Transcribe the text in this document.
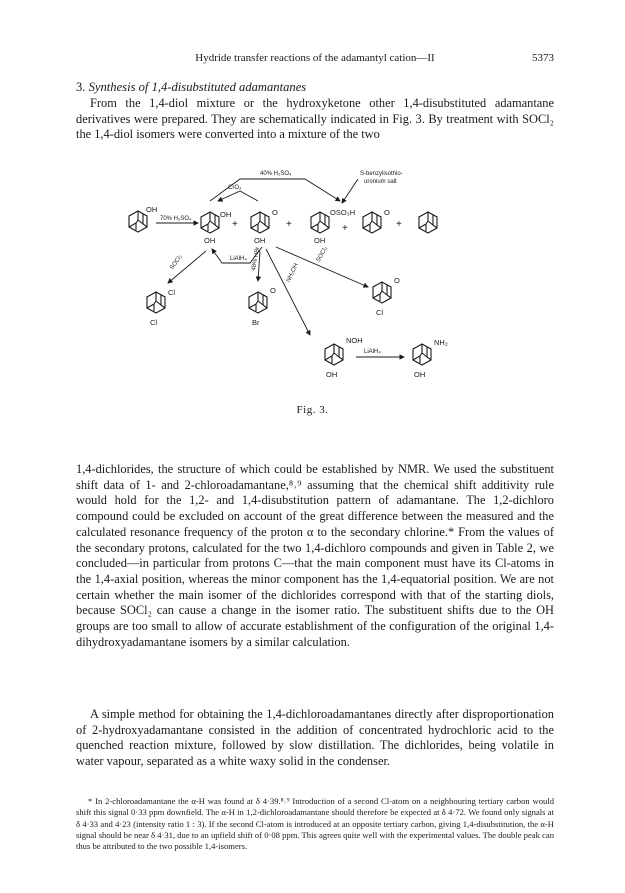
Hydride transfer reactions of the adamantyl cation—II	5373
3. Synthesis of 1,4-disubstituted adamantanes

From the 1,4-diol mixture or the hydroxyketone other 1,4-disubstituted adamantane derivatives were prepared. They are schematically indicated in Fig. 3. By treatment with SOCl₂ the 1,4-diol isomers were converted into a mixture of the two

OH
70% H₂SO₄	OH
OH
+
O
OH
+
OSO₃H
OH
+
O
+
40% H₂SO₄
CrO₃
S-benzylisothio-
uronium salt
LiAlH₄
SOCl₂
Cl
Cl
48% HBr
O
Br
SOCl₂
O
Cl
NH₂OH
NOH
OH
LiAlH₄
NH₂
OH
Fig. 3.

1,4-dichlorides, the structure of which could be established by NMR. We used the substituent shift data of 1- and 2-chloroadamantane,⁸˒⁹ assuming that the chemical shift additivity rule would hold for the 1,2- and 1,4-disubstitution pattern of adamantane. The 1,2-dichloro compound could be excluded on account of the great difference between the measured and the calculated resonance frequency of the proton α to the secondary chlorine.* From the values of the secondary protons, calculated for the two 1,4-dichloro compounds and given in Table 2, we concluded—in particular from protons C—that the main component must have its Cl-atoms in the 1,4-axial position, whereas the minor component has the 1,4-equatorial position. We are not certain whether the main isomer of the dichlorides correspond with that of the starting diols, because SOCl₂ can cause a change in the isomer ratio. The substituent shifts due to the OH groups are too small to allow of accurate establishment of the configuration of the original 1,4-dihydroxyadamantane isomers by a similar calculation.

A simple method for obtaining the 1,4-dichloroadamantanes directly after disproportionation of 2-hydroxyadamantane consisted in the addition of concentrated hydrochloric acid to the quenched reaction mixture, followed by slow distillation. The dichlorides, being volatile in water vapour, separated as a white waxy solid in the condenser.

* In 2-chloroadamantane the α-H was found at δ 4·39.⁸˒⁹ Introduction of a second Cl-atom on a neighbouring tertiary carbon would shift this signal 0·33 ppm downfield. The α-H in 1,2-dichloroadamantane should therefore be expected at δ 4·72. We found only signals at δ 4·33 and 4·23 (intensity ratio 1 : 3). If the second Cl-atom is introduced at an opposite tertiary carbon, giving 1,4-disubstitution, the α-H signal should be near δ 4·31, due to an upfield shift of 0·08 ppm. This agrees quite well with the experimental values. The double peak can thus be attributed to the two possible 1,4-isomers.
